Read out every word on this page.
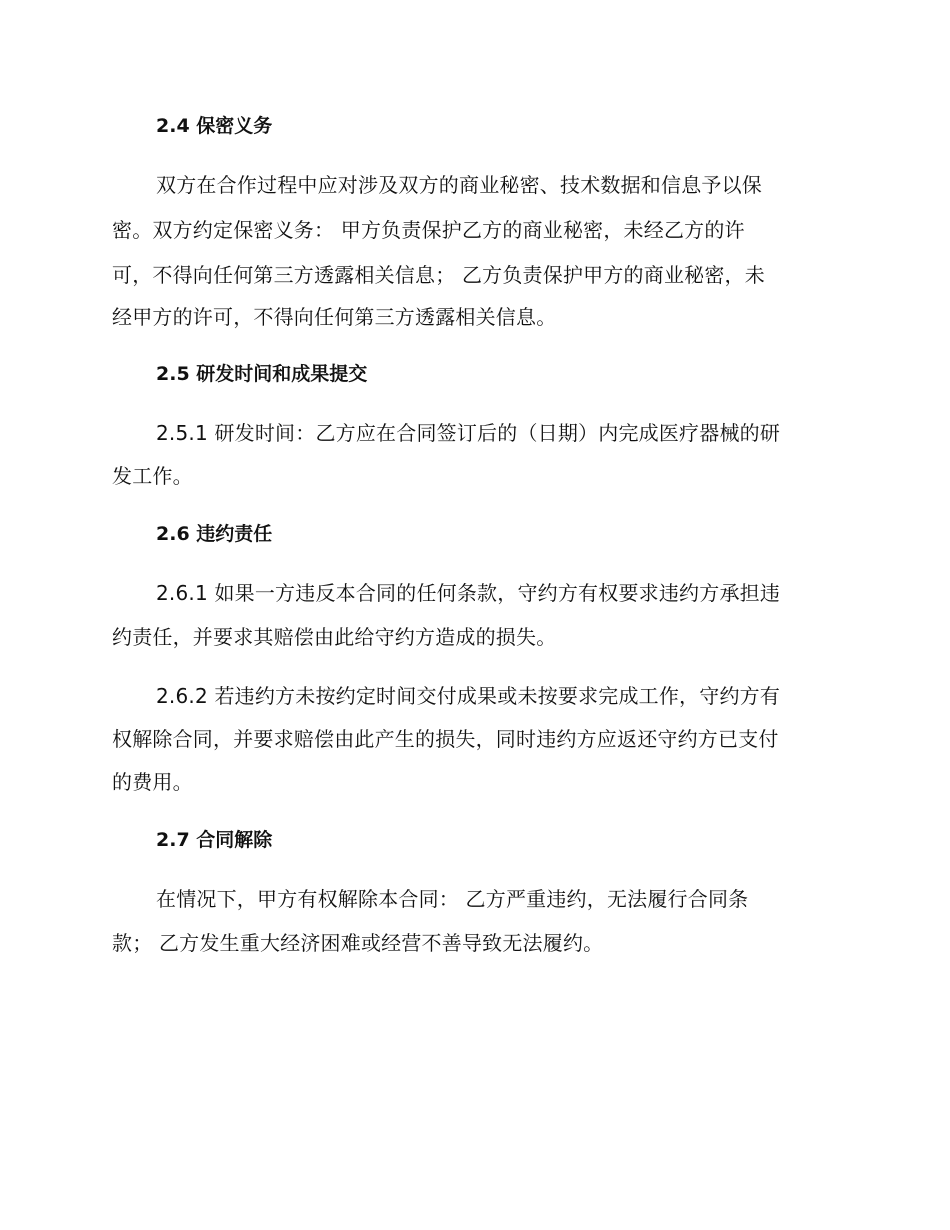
2.4 保密义务
双方在合作过程中应对涉及双方的商业秘密、技术数据和信息予以保
密。双方约定保密义务： 甲方负责保护乙方的商业秘密，未经乙方的许
可，不得向任何第三方透露相关信息； 乙方负责保护甲方的商业秘密，未
经甲方的许可，不得向任何第三方透露相关信息。
2.5 研发时间和成果提交
2.5.1 研发时间：乙方应在合同签订后的（日期）内完成医疗器械的研
发工作。
2.6 违约责任
2.6.1 如果一方违反本合同的任何条款，守约方有权要求违约方承担违
约责任，并要求其赔偿由此给守约方造成的损失。
2.6.2 若违约方未按约定时间交付成果或未按要求完成工作，守约方有
权解除合同，并要求赔偿由此产生的损失，同时违约方应返还守约方已支付
的费用。
2.7 合同解除
在情况下，甲方有权解除本合同： 乙方严重违约，无法履行合同条
款； 乙方发生重大经济困难或经营不善导致无法履约。
